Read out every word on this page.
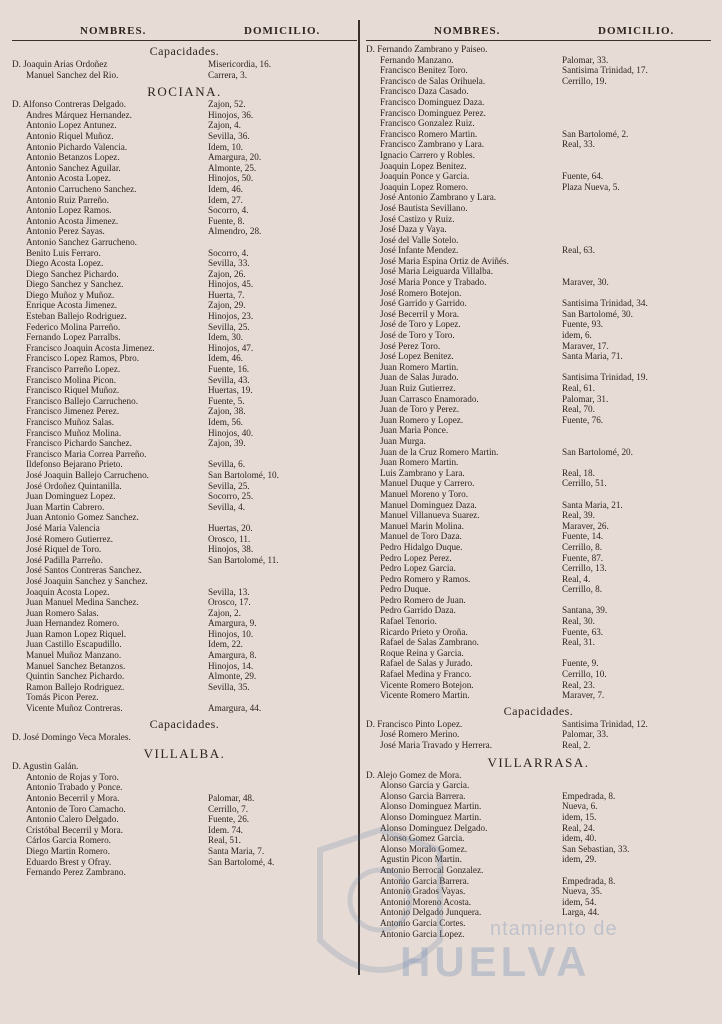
NOMBRES.	DOMICILIO.
Capacidades.
D. Joaquin Arias Ordoñez	Misericordia, 16.
Manuel Sanchez del Rio.	Carrera, 3.
ROCIANA.
D. Alfonso Contreras Delgado.	Zajon, 52.
Andres Márquez Hernandez.	Hinojos, 36.
Antonio Lopez Antunez.	Zajon, 4.
Antonio Riquel Muñoz.	Sevilla, 36.
Antonio Pichardo Valencia.	Idem, 10.
Antonio Betanzos Lopez.	Amargura, 20.
Antonio Sanchez Aguilar.	Almonte, 25.
Antonio Acosta Lopez.	Hinojos, 50.
Antonio Carrucheno Sanchez.	Idem, 46.
Antonio Ruiz Parreño.	Idem, 27.
Antonio Lopez Ramos.	Socorro, 4.
Antonio Acosta Jimenez.	Fuente, 8.
Antonio Perez Sayas.	Almendro, 28.
Antonio Sanchez Garrucheno.
Benito Luis Ferraro.	Socorro, 4.
Diego Acosta Lopez.	Sevilla, 33.
Diego Sanchez Pichardo.	Zajon, 26.
Diego Sanchez y Sanchez.	Hinojos, 45.
Diego Muñoz y Muñoz.	Huerta, 7.
Enrique Acosta Jimenez.	Zajon, 29.
Esteban Ballejo Rodriguez.	Hinojos, 23.
Federico Molina Parreño.	Sevilla, 25.
Fernando Lopez Parralbs.	Idem, 30.
Francisco Joaquin Acosta Jimenez.	Hinojos, 47.
Francisco Lopez Ramos, Pbro.	Idem, 46.
Francisco Parreño Lopez.	Fuente, 16.
Francisco Molina Picon.	Sevilla, 43.
Francisco Riquel Muñoz.	Huertas, 19.
Francisco Ballejo Carrucheno.	Fuente, 5.
Francisco Jimenez Perez.	Zajon, 38.
Francisco Muñoz Salas.	Idem, 56.
Francisco Muñoz Molina.	Hinojos, 40.
Francisco Pichardo Sanchez.	Zajon, 39.
Francisco Maria Correa Parreño.
Ildefonso Bejarano Prieto.	Sevilla, 6.
José Joaquin Ballejo Carrucheno.	San Bartolomé, 10.
José Ordoñez Quintanilla.	Sevilla, 25.
Juan Dominguez Lopez.	Socorro, 25.
Juan Martin Cabrero.	Sevilla, 4.
Juan Antonio Gomez Sanchez.
José Maria Valencia	Huertas, 20.
José Romero Gutierrez.	Orosco, 11.
José Riquel de Toro.	Hinojos, 38.
José Padilla Parreño.	San Bartolomé, 11.
José Santos Contreras Sanchez.
José Joaquin Sanchez y Sanchez.
Joaquin Acosta Lopez.	Sevilla, 13.
Juan Manuel Medina Sanchez.	Orosco, 17.
Juan Romero Salas.	Zajon, 2.
Juan Hernandez Romero.	Amargura, 9.
Juan Ramon Lopez Riquel.	Hinojos, 10.
Juan Castillo Escapudillo.	Idem, 22.
Manuel Muñoz Manzano.	Amargura, 8.
Manuel Sanchez Betanzos.	Hinojos, 14.
Quintin Sanchez Pichardo.	Almonte, 29.
Ramon Ballejo Rodriguez.	Sevilla, 35.
Tomás Picon Perez.
Vicente Muñoz Contreras.	Amargura, 44.
Capacidades.
D. José Domingo Veca Morales.
VILLALBA.
D. Agustin Galán.
Antonio de Rojas y Toro.
Antonio Trabado y Ponce.
Antonio Becerril y Mora.	Palomar, 48.
Antonio de Toro Camacho.	Cerrillo, 7.
Antonio Calero Delgado.	Fuente, 26.
Cristóbal Becerril y Mora.	Idem. 74.
Cárlos Garcia Romero.	Real, 51.
Diego Martin Romero.	Santa Maria, 7.
Eduardo Brest y Ofray.	San Bartolomé, 4.
Fernando Perez Zambrano.
NOMBRES.	DOMICILIO.
D. Fernando Zambrano y Paiseo.
Fernando Manzano.	Palomar, 33.
Francisco Benitez Toro.	Santisima Trinidad, 17.
Francisco de Salas Orihuela.	Cerrillo, 19.
Francisco Daza Casado.
Francisco Dominguez Daza.
Francisco Dominguez Perez.
Francisco Gonzalez Ruiz.
Francisco Romero Martin.	San Bartolomé, 2.
Francisco Zambrano y Lara.	Real, 33.
Ignacio Carrero y Robles.
Joaquin Lopez Benitez.
Joaquin Ponce y Garcia.	Fuente, 64.
Joaquin Lopez Romero.	Plaza Nueva, 5.
José Antonio Zambrano y Lara.
José Bautista Sevillano.
José Castizo y Ruiz.
José Daza y Vaya.
José del Valle Sotelo.
José Infante Mendez.	Real, 63.
José Maria Espina Ortiz de Aviñés.
José Maria Leiguarda Villalba.
José Maria Ponce y Trabado.	Maraver, 30.
José Romero Botejon.
José Garrido y Garrido.	Santisima Trinidad, 34.
José Becerril y Mora.	San Bartolomé, 30.
José de Toro y Lopez.	Fuente, 93.
José de Toro y Toro.	idem, 6.
José Perez Toro.	Maraver, 17.
José Lopez Benitez.	Santa Maria, 71.
Juan Romero Martin.
Juan de Salas Jurado.	Santisima Trinidad, 19.
Juan Ruiz Gutierrez.	Real, 61.
Juan Carrasco Enamorado.	Palomar, 31.
Juan de Toro y Perez.	Real, 70.
Juan Romero y Lopez.	Fuente, 76.
Juan Maria Ponce.
Juan Murga.
Juan de la Cruz Romero Martin.	San Bartolomé, 20.
Juan Romero Martin.
Luis Zambrano y Lara.	Real, 18.
Manuel Duque y Carrero.	Cerrillo, 51.
Manuel Moreno y Toro.
Manuel Dominguez Daza.	Santa Maria, 21.
Manuel Villanueva Suarez.	Real, 39.
Manuel Marin Molina.	Maraver, 26.
Manuel de Toro Daza.	Fuente, 14.
Pedro Hidalgo Duque.	Cerrillo, 8.
Pedro Lopez Perez.	Fuente, 87.
Pedro Lopez Garcia.	Cerrillo, 13.
Pedro Romero y Ramos.	Real, 4.
Pedro Duque.	Cerrillo, 8.
Pedro Romero de Juan.
Pedro Garrido Daza.	Santana, 39.
Rafael Tenorio.	Real, 30.
Ricardo Prieto y Oroña.	Fuente, 63.
Rafael de Salas Zambrano.	Real, 31.
Roque Reina y Garcia.
Rafael de Salas y Jurado.	Fuente, 9.
Rafael Medina y Franco.	Cerrillo, 10.
Vicente Romero Botejon.	Real, 23.
Vicente Romero Martin.	Maraver, 7.
Capacidades.
D. Francisco Pinto Lopez.	Santisima Trinidad, 12.
José Romero Merino.	Palomar, 33.
José Maria Travado y Herrera.	Real, 2.
VILLARRASA.
D. Alejo Gomez de Mora.
Alonso Garcia y Garcia.
Alonso Garcia Barrera.	Empedrada, 8.
Alonso Dominguez Martin.	Nueva, 6.
Alonso Dominguez Martin.	idem, 15.
Alonso Dominguez Delgado.	Real, 24.
Alonso Gomez Garcia.	idem, 40.
Alonso Moralo Gomez.	San Sebastian, 33.
Agustin Picon Martin.	idem, 29.
Antonio Berrocal Gonzalez.
Antonio Garcia Barrera.	Empedrada, 8.
Antonio Grados Vayas.	Nueva, 35.
Antonio Moreno Acosta.	idem, 54.
Antonio Delgado Junquera.	Larga, 44.
Antonio Garcia Cortes.
Antonio Garcia Lopez. ntamiento de
HUELVA
